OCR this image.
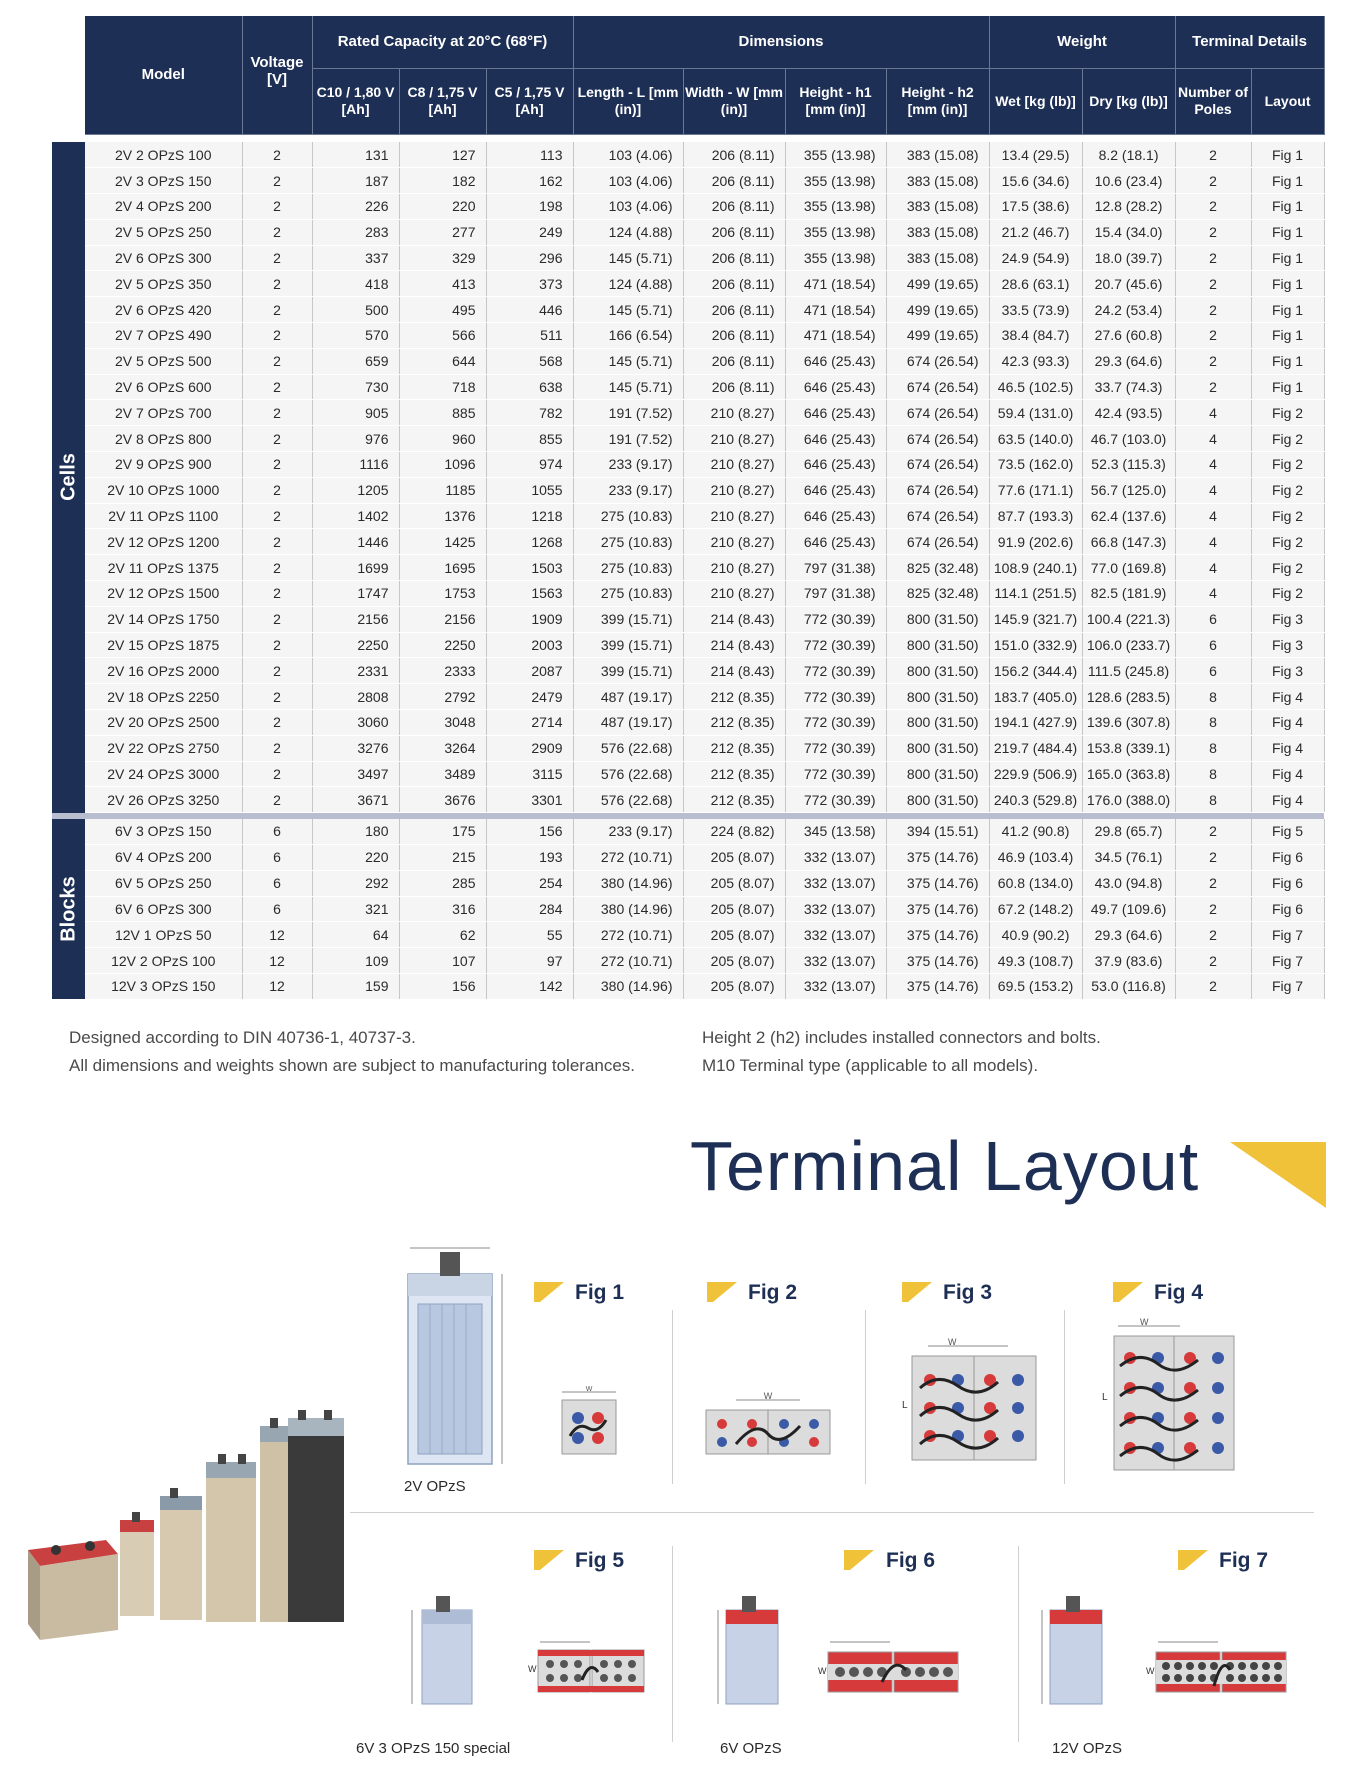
	Model	Voltage [V]	Rated Capacity at 20°C (68°F)			Dimensions				Weight		Terminal Details	
			C10 / 1,80 V [Ah]	C8 / 1,75 V [Ah]	C5 / 1,75 V [Ah]	Length - L [mm (in)]	Width - W [mm (in)]	Height - h1 [mm (in)]	Height - h2 [mm (in)]	Wet [kg (lb)]	Dry [kg (lb)]	Number of Poles	Layout

Cells	2V 2 OPzS 100	2	131	127	113	103 (4.06)	206 (8.11)	355 (13.98)	383 (15.08)	13.4 (29.5)	8.2 (18.1)	2	Fig 1
	2V 3 OPzS 150	2	187	182	162	103 (4.06)	206 (8.11)	355 (13.98)	383 (15.08)	15.6 (34.6)	10.6 (23.4)	2	Fig 1
	2V 4 OPzS 200	2	226	220	198	103 (4.06)	206 (8.11)	355 (13.98)	383 (15.08)	17.5 (38.6)	12.8 (28.2)	2	Fig 1
	2V 5 OPzS 250	2	283	277	249	124 (4.88)	206 (8.11)	355 (13.98)	383 (15.08)	21.2 (46.7)	15.4 (34.0)	2	Fig 1
	2V 6 OPzS 300	2	337	329	296	145 (5.71)	206 (8.11)	355 (13.98)	383 (15.08)	24.9 (54.9)	18.0 (39.7)	2	Fig 1
	2V 5 OPzS 350	2	418	413	373	124 (4.88)	206 (8.11)	471 (18.54)	499 (19.65)	28.6 (63.1)	20.7 (45.6)	2	Fig 1
	2V 6 OPzS 420	2	500	495	446	145 (5.71)	206 (8.11)	471 (18.54)	499 (19.65)	33.5 (73.9)	24.2 (53.4)	2	Fig 1
	2V 7 OPzS 490	2	570	566	511	166 (6.54)	206 (8.11)	471 (18.54)	499 (19.65)	38.4 (84.7)	27.6 (60.8)	2	Fig 1
	2V 5 OPzS 500	2	659	644	568	145 (5.71)	206 (8.11)	646 (25.43)	674 (26.54)	42.3 (93.3)	29.3 (64.6)	2	Fig 1
	2V 6 OPzS 600	2	730	718	638	145 (5.71)	206 (8.11)	646 (25.43)	674 (26.54)	46.5 (102.5)	33.7 (74.3)	2	Fig 1
	2V 7 OPzS 700	2	905	885	782	191 (7.52)	210 (8.27)	646 (25.43)	674 (26.54)	59.4 (131.0)	42.4 (93.5)	4	Fig 2
	2V 8 OPzS 800	2	976	960	855	191 (7.52)	210 (8.27)	646 (25.43)	674 (26.54)	63.5 (140.0)	46.7 (103.0)	4	Fig 2
	2V 9 OPzS 900	2	1116	1096	974	233 (9.17)	210 (8.27)	646 (25.43)	674 (26.54)	73.5 (162.0)	52.3 (115.3)	4	Fig 2
	2V 10 OPzS 1000	2	1205	1185	1055	233 (9.17)	210 (8.27)	646 (25.43)	674 (26.54)	77.6 (171.1)	56.7 (125.0)	4	Fig 2
	2V 11 OPzS 1100	2	1402	1376	1218	275 (10.83)	210 (8.27)	646 (25.43)	674 (26.54)	87.7 (193.3)	62.4 (137.6)	4	Fig 2
	2V 12 OPzS 1200	2	1446	1425	1268	275 (10.83)	210 (8.27)	646 (25.43)	674 (26.54)	91.9 (202.6)	66.8 (147.3)	4	Fig 2
	2V 11 OPzS 1375	2	1699	1695	1503	275 (10.83)	210 (8.27)	797 (31.38)	825 (32.48)	108.9 (240.1)	77.0 (169.8)	4	Fig 2
	2V 12 OPzS 1500	2	1747	1753	1563	275 (10.83)	210 (8.27)	797 (31.38)	825 (32.48)	114.1 (251.5)	82.5 (181.9)	4	Fig 2
	2V 14 OPzS 1750	2	2156	2156	1909	399 (15.71)	214 (8.43)	772 (30.39)	800 (31.50)	145.9 (321.7)	100.4 (221.3)	6	Fig 3
	2V 15 OPzS 1875	2	2250	2250	2003	399 (15.71)	214 (8.43)	772 (30.39)	800 (31.50)	151.0 (332.9)	106.0 (233.7)	6	Fig 3
	2V 16 OPzS 2000	2	2331	2333	2087	399 (15.71)	214 (8.43)	772 (30.39)	800 (31.50)	156.2 (344.4)	111.5 (245.8)	6	Fig 3
	2V 18 OPzS 2250	2	2808	2792	2479	487 (19.17)	212 (8.35)	772 (30.39)	800 (31.50)	183.7 (405.0)	128.6 (283.5)	8	Fig 4
	2V 20 OPzS 2500	2	3060	3048	2714	487 (19.17)	212 (8.35)	772 (30.39)	800 (31.50)	194.1 (427.9)	139.6 (307.8)	8	Fig 4
	2V 22 OPzS 2750	2	3276	3264	2909	576 (22.68)	212 (8.35)	772 (30.39)	800 (31.50)	219.7 (484.4)	153.8 (339.1)	8	Fig 4
	2V 24 OPzS 3000	2	3497	3489	3115	576 (22.68)	212 (8.35)	772 (30.39)	800 (31.50)	229.9 (506.9)	165.0 (363.8)	8	Fig 4
	2V 26 OPzS 3250	2	3671	3676	3301	576 (22.68)	212 (8.35)	772 (30.39)	800 (31.50)	240.3 (529.8)	176.0 (388.0)	8	Fig 4

Blocks	6V 3 OPzS 150	6	180	175	156	233 (9.17)	224 (8.82)	345 (13.58)	394 (15.51)	41.2 (90.8)	29.8 (65.7)	2	Fig 5
	6V 4 OPzS 200	6	220	215	193	272 (10.71)	205 (8.07)	332 (13.07)	375 (14.76)	46.9 (103.4)	34.5 (76.1)	2	Fig 6
	6V 5 OPzS 250	6	292	285	254	380 (14.96)	205 (8.07)	332 (13.07)	375 (14.76)	60.8 (134.0)	43.0 (94.8)	2	Fig 6
	6V 6 OPzS 300	6	321	316	284	380 (14.96)	205 (8.07)	332 (13.07)	375 (14.76)	67.2 (148.2)	49.7 (109.6)	2	Fig 6
	12V 1 OPzS 50	12	64	62	55	272 (10.71)	205 (8.07)	332 (13.07)	375 (14.76)	40.9 (90.2)	29.3 (64.6)	2	Fig 7
	12V 2 OPzS 100	12	109	107	97	272 (10.71)	205 (8.07)	332 (13.07)	375 (14.76)	49.3 (108.7)	37.9 (83.6)	2	Fig 7
	12V 3 OPzS 150	12	159	156	142	380 (14.96)	205 (8.07)	332 (13.07)	375 (14.76)	69.5 (153.2)	53.0 (116.8)	2	Fig 7
Designed according to DIN 40736-1, 40737-3.
All dimensions and weights shown are subject to manufacturing tolerances.
Height 2 (h2) includes installed connectors and bolts.
M10 Terminal type (applicable to all models).
Terminal Layout
2V OPzS
Fig 1	Fig 2	Fig 3	Fig 4
Fig 5	Fig 6	Fig 7
W
W
W
L
W
L
W
6V 3 OPzS 150 special
W
6V OPzS
W
12V OPzS
